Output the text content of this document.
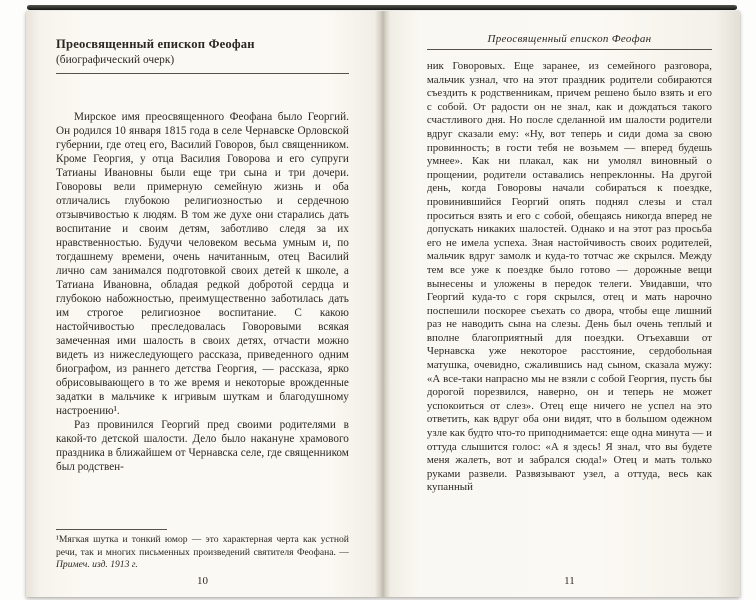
Преосвященный епископ Феофан
(биографический очерк)

Мирское имя преосвященного Феофана было Георгий. Он родился 10 января 1815 года в селе Чернавске Орловской губернии, где отец его, Василий Говоров, был священником. Кроме Георгия, у отца Василия Говорова и его супруги Татианы Ивановны были еще три сына и три дочери. Говоровы вели примерную семейную жизнь и оба отличались глубокою религиозностью и сердечною отзывчивостью к людям. В том же духе они старались дать воспитание и своим детям, заботливо следя за их нравственностью. Будучи человеком весьма умным и, по тогдашнему времени, очень начитанным, отец Василий лично сам занимался подготовкой своих детей к школе, а Татиана Ивановна, обладая редкой добротой сердца и глубокою набожностью, преимущественно заботилась дать им строгое религиозное воспитание. С какою настойчивостью преследовалась Говоровыми всякая замеченная ими шалость в своих детях, отчасти можно видеть из нижеследующего рассказа, приведенного одним биографом, из раннего детства Георгия, — рассказа, ярко обрисовывающего в то же время и некоторые врожденные задатки в мальчике к игривым шуткам и благодушному настроению¹.

Раз провинился Георгий пред своими родителями в какой-то детской шалости. Дело было накануне храмового праздника в ближайшем от Чернавска селе, где священником был родствен-

¹Мягкая шутка и тонкий юмор — это характерная черта как устной речи, так и многих письменных произведений святителя Феофана. — Примеч. изд. 1913 г.
10
Преосвященный епископ Феофан

ник Говоровых. Еще заранее, из семейного разговора, мальчик узнал, что на этот праздник родители собираются съездить к родственникам, причем решено было взять и его с собой. От радости он не знал, как и дождаться такого счастливого дня. Но после сделанной им шалости родители вдруг сказали ему: «Ну, вот теперь и сиди дома за свою провинность; в гости тебя не возьмем — вперед будешь умнее». Как ни плакал, как ни умолял виновный о прощении, родители оставались непреклонны. На другой день, когда Говоровы начали собираться к поездке, провинившийся Георгий опять поднял слезы и стал проситься взять и его с собой, обещаясь никогда вперед не допускать никаких шалостей. Однако и на этот раз просьба его не имела успеха. Зная настойчивость своих родителей, мальчик вдруг замолк и куда-то тотчас же скрылся. Между тем все уже к поездке было готово — дорожные вещи вынесены и уложены в передок телеги. Увидавши, что Георгий куда-то с горя скрылся, отец и мать нарочно поспешили поскорее съехать со двора, чтобы еще лишний раз не наводить сына на слезы. День был очень теплый и вполне благоприятный для поездки. Отъехавши от Чернавска уже некоторое расстояние, сердобольная матушка, очевидно, сжалившись над сыном, сказала мужу: «А все-таки напрасно мы не взяли с собой Георгия, пусть бы дорогой порезвился, наверно, он и теперь не может успокоиться от слез». Отец еще ничего не успел на это ответить, как вдруг оба они видят, что в большом одежном узле как будто что-то приподнимается: еще одна минута — и оттуда слышится голос: «А я здесь! Я знал, что вы будете меня жалеть, вот и забрался сюда!» Отец и мать только руками развели. Развязывают узел, а оттуда, весь как купанный

11
